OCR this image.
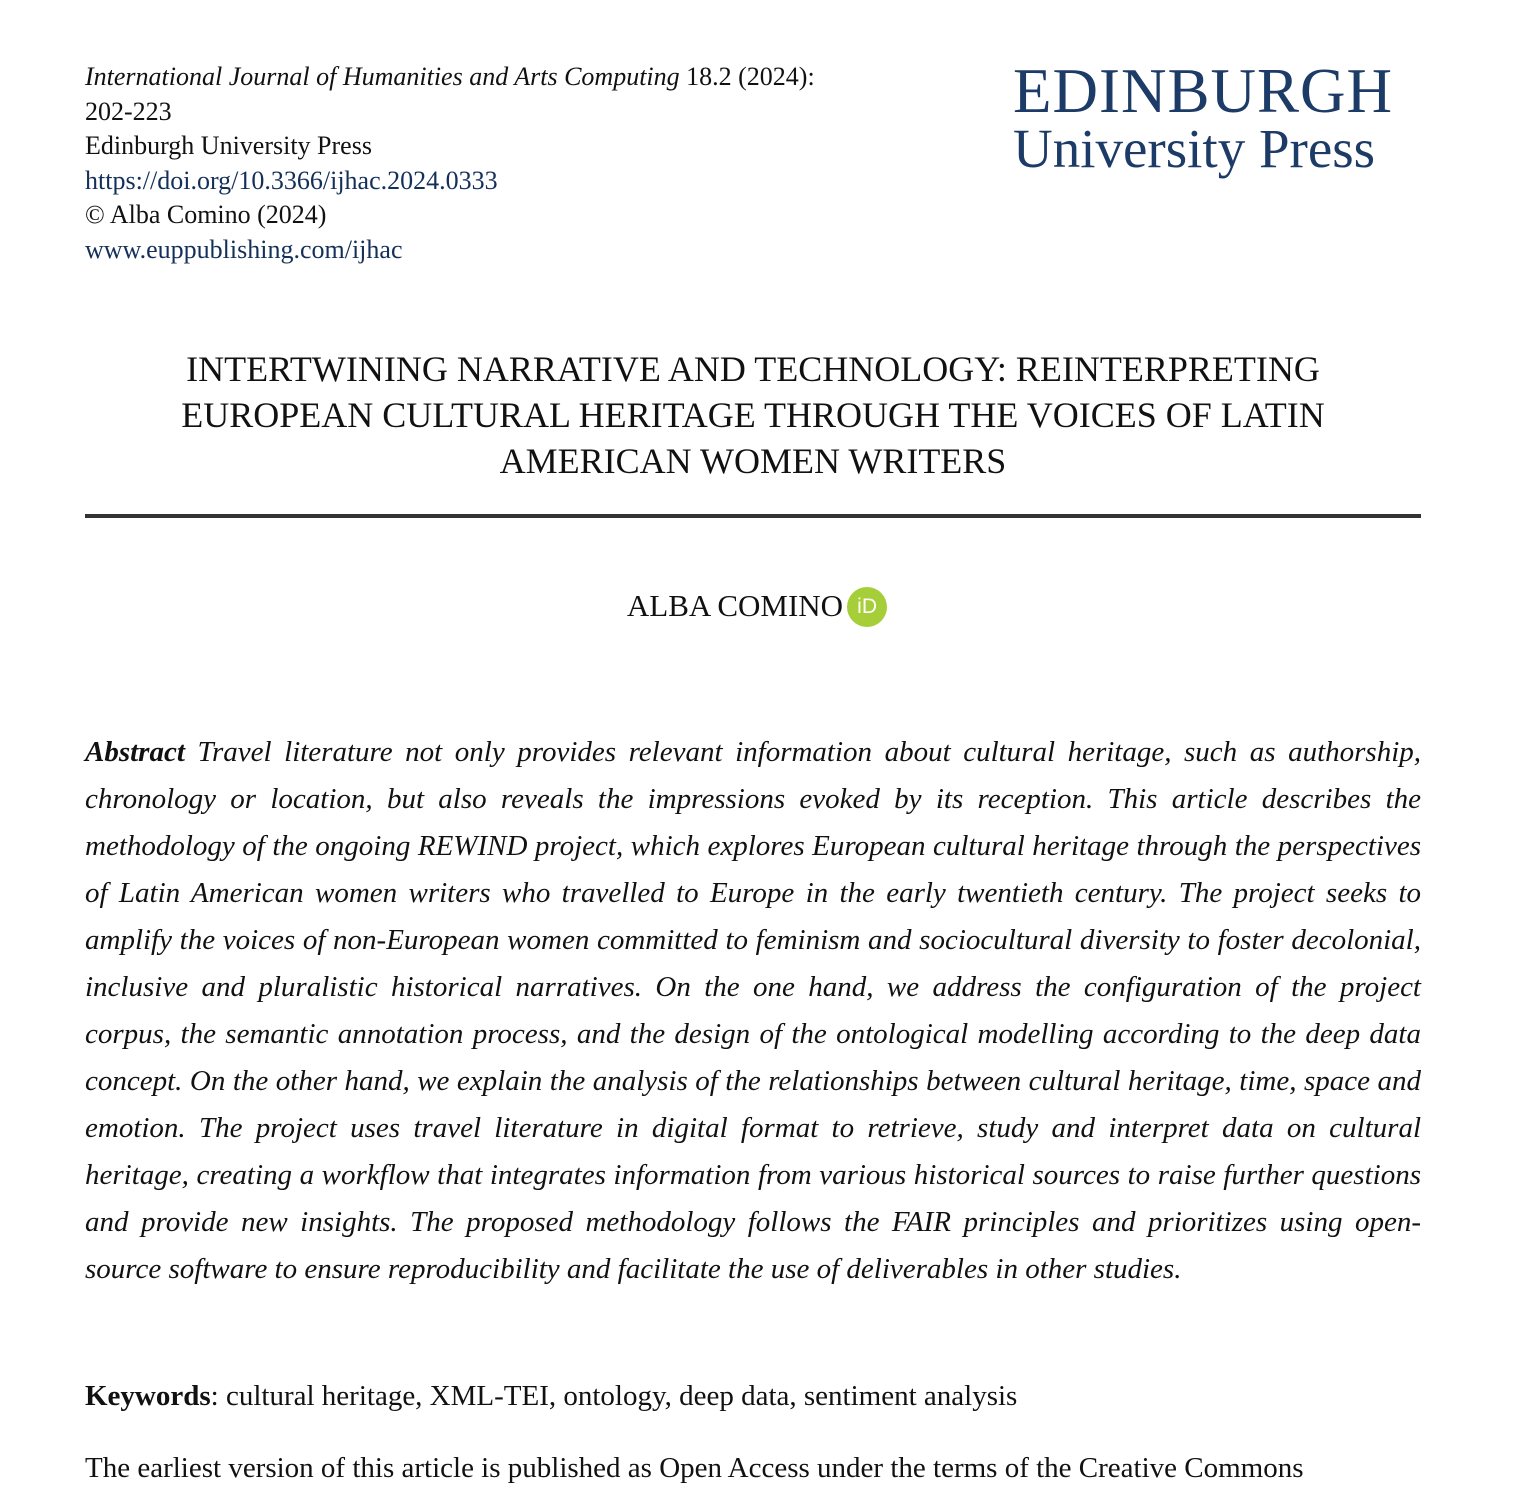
International Journal of Humanities and Arts Computing 18.2 (2024):
202-223
Edinburgh University Press
https://doi.org/10.3366/ijhac.2024.0333
© Alba Comino (2024)
www.euppublishing.com/ijhac
EDINBURGH
University Press
INTERTWINING NARRATIVE AND TECHNOLOGY: REINTERPRETING
EUROPEAN CULTURAL HERITAGE THROUGH THE VOICES OF LATIN
AMERICAN WOMEN WRITERS
ALBA COMINO iD

Abstract Travel literature not only provides relevant information about cultural heritage, such as authorship, chronology or location, but also reveals the impressions evoked by its reception. This article describes the methodology of the ongoing REWIND project, which explores European cultural heritage through the perspectives of Latin American women writers who travelled to Europe in the early twentieth century. The project seeks to amplify the voices of non-European women committed to feminism and sociocultural diversity to foster decolonial, inclusive and pluralistic historical narratives. On the one hand, we address the configuration of the project corpus, the semantic annotation process, and the design of the ontological modelling according to the deep data concept. On the other hand, we explain the analysis of the relationships between cultural heritage, time, space and emotion. The project uses travel literature in digital format to retrieve, study and interpret data on cultural heritage, creating a workflow that integrates information from various historical sources to raise further questions and provide new insights. The proposed methodology follows the FAIR principles and prioritizes using open-source software to ensure reproducibility and facilitate the use of deliverables in other studies.

Keywords: cultural heritage, XML-TEI, ontology, deep data, sentiment analysis
The earliest version of this article is published as Open Access under the terms of the Creative Commons
